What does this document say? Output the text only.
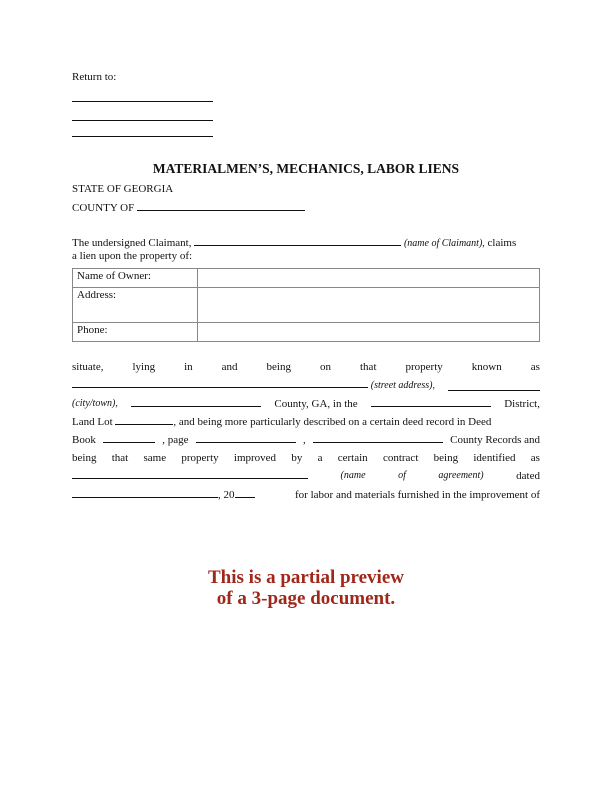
Return to:
MATERIALMEN’S, MECHANICS, LABOR LIENS
STATE OF GEORGIA
COUNTY OF
The undersigned Claimant,	(name of Claimant), claims
a lien upon the property of:
Name of Owner:	
Address:	
Phone:	
situate,	lying	in	and	being	on	that	property	known	as
(street address),
(city/town),	County, GA, in the	District,
Land Lot	, and being more particularly described on a certain deed record in Deed
Book	, page	,	County Records and
being that same property improved by a certain contract being identified as
(name	of	agreement)	dated
, 20	for labor and materials furnished in the improvement of
This is a partial preview
of a 3-page document.
